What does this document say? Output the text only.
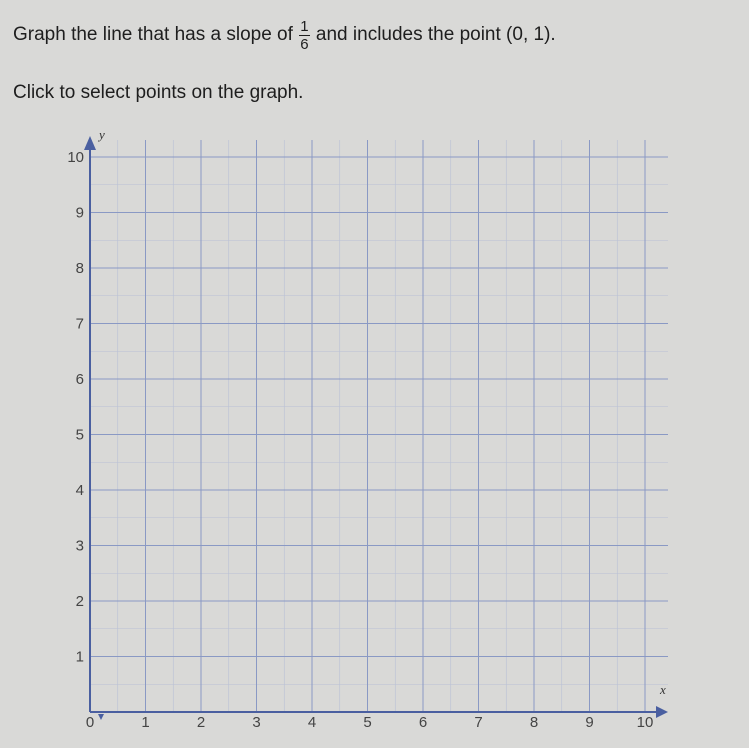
Graph the line that has a slope of $\frac{1}{6}$ and includes the point (0, 1).
Click to select points on the graph.
0	1	2	3	4	5	6	7	8	9	10
1
2
3
4
5
6
7
8
9
10
x
y
